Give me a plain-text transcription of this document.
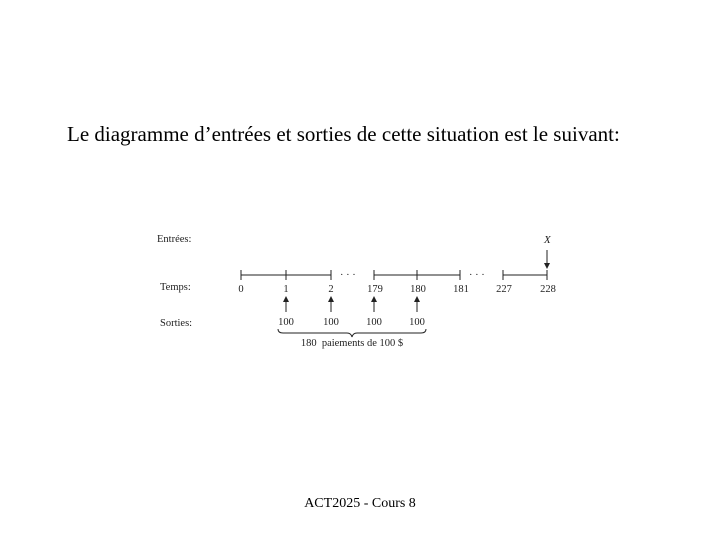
Le diagramme d’entrées et sorties de cette situation est le suivant:

Entrées:
Temps:
Sorties:
X
· · ·	· · ·
0	1	2	179	180	181	227	228
100	100	100	100
180  paiements de 100 $
ACT2025 - Cours 8
